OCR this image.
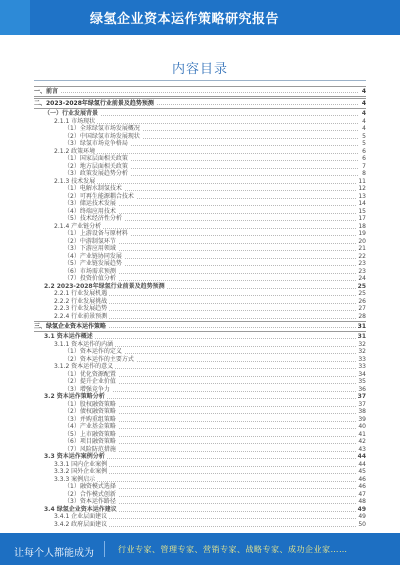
绿氢企业资本运作策略研究报告
内容目录
一、前言	4
二、2023-2028年绿氢行业前景及趋势预测	4
（一）行业发展背景	4
2.1.1 市场现状	4
（1）全球绿氢市场发展概况	4
（2）中国绿氢市场发展现状	5
（3）绿氢市场竞争格局	5
2.1.2 政策环境	6
（1）国家层面相关政策	6
（2）地方层面相关政策	7
（3）政策发展趋势分析	8
2.1.3 技术发展	11
（1）电解水制氢技术	12
（2）可再生能源耦合技术	13
（3）储运技术发展	14
（4）终端应用技术	15
（5）技术经济性分析	17
2.1.4 产业链分析	18
（1）上游设备与原材料	19
（2）中游制氢环节	20
（3）下游应用领域	21
（4）产业链协同发展	22
（5）产业链发展趋势	23
（6）市场需求预测	23
（7）投资价值分析	24
2.2 2023-2028年绿氢行业前景及趋势预测	25
2.2.1 行业发展机遇	25
2.2.2 行业发展挑战	26
2.2.3 行业发展趋势	27
2.2.4 行业前景预测	28
三、绿氢企业资本运作策略	31
3.1 资本运作概述	31
3.1.1 资本运作的内涵	32
（1）资本运作的定义	32
（2）资本运作的主要方式	33
3.1.2 资本运作的意义	33
（1）优化资源配置	34
（2）提升企业价值	35
（3）增强竞争力	36
3.2 资本运作策略分析	37
（1）股权融资策略	37
（2）债权融资策略	38
（3）并购重组策略	39
（4）产业基金策略	40
（5）上市融资策略	41
（6）项目融资策略	42
（7）风险防范措施	43
3.3 资本运作案例分析	44
3.3.1 国内企业案例	44
3.3.2 国外企业案例	45
3.3.3 案例启示	46
（1）融资模式选择	46
（2）合作模式创新	47
（3）资本运作路径	48
3.4 绿氢企业资本运作建议	49
3.4.1 企业层面建议	49
3.4.2 政府层面建议	50
让每个人都能成为	行业专家、管理专家、营销专家、战略专家、成功企业家……
